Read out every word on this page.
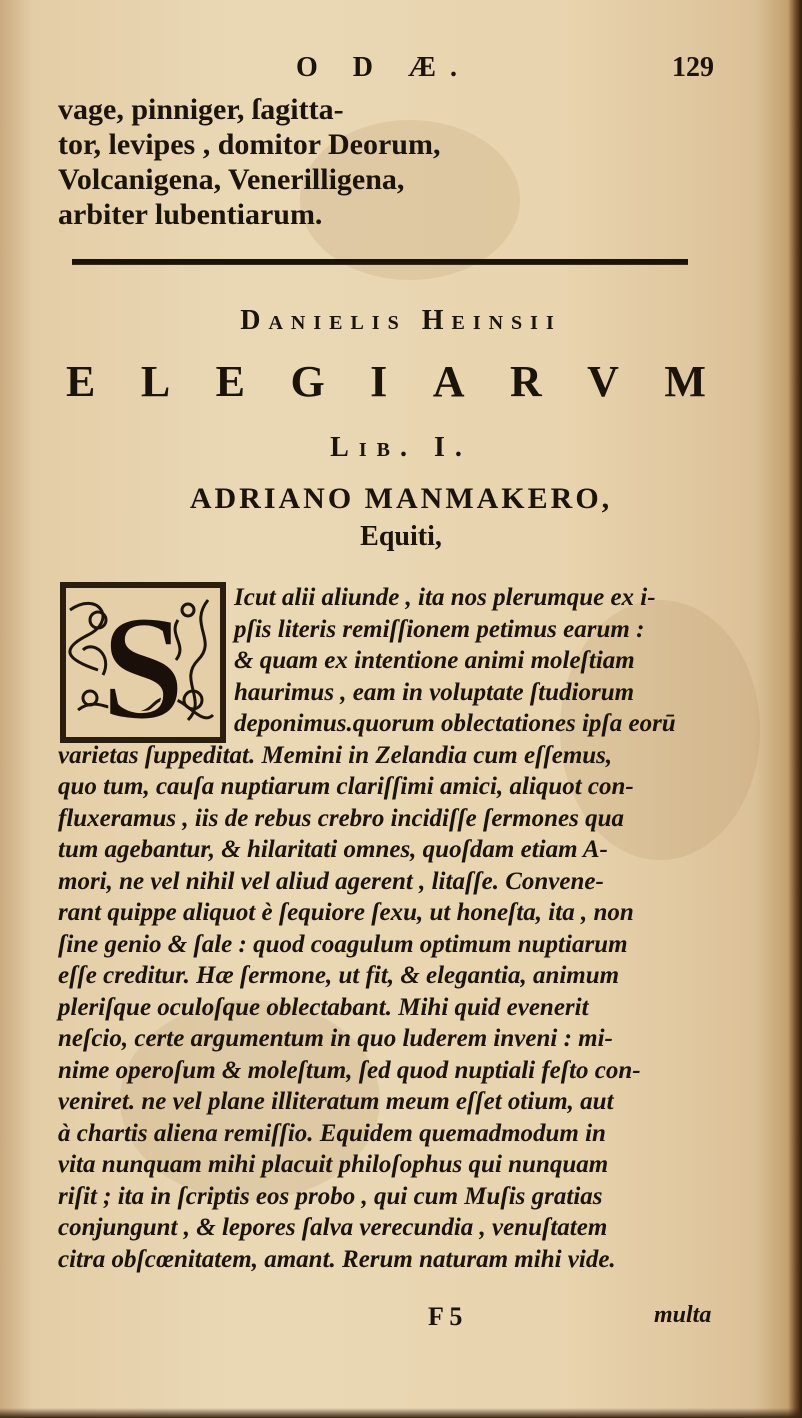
O D Æ.	129
vage, pinniger, ſagitta-
tor, levipes , domitor Deorum,
Volcanigena, Venerilligena,
arbiter lubentiarum.
Danielis Heinsii
E L E G I A R V M
Lib. I.
ADRIANO MANMAKERO,
Equiti,
S	Icut alii aliunde , ita nos plerumque ex i-
pſis literis remiſſionem petimus earum :
& quam ex intentione animi moleſtiam
haurimus , eam in voluptate ſtudiorum
deponimus.quorum oblectationes ipſa eorū
varietas ſuppeditat. Memini in Zelandia cum eſſemus,
quo tum, cauſa nuptiarum clariſſimi amici, aliquot con-
fluxeramus , iis de rebus crebro incidiſſe ſermones qua
tum agebantur, & hilaritati omnes, quoſdam etiam A-
mori, ne vel nihil vel aliud agerent , litaſſe. Convene-
rant quippe aliquot è ſequiore ſexu, ut honeſta, ita , non
ſine genio & ſale : quod coagulum optimum nuptiarum
eſſe creditur. Hæ ſermone, ut fit, & elegantia, animum
pleriſque oculoſque oblectabant. Mihi quid evenerit
neſcio, certe argumentum in quo luderem inveni : mi-
nime operoſum & moleſtum, ſed quod nuptiali feſto con-
veniret. ne vel plane illiteratum meum eſſet otium, aut
à chartis aliena remiſſio. Equidem quemadmodum in
vita nunquam mihi placuit philoſophus qui nunquam
riſit ; ita in ſcriptis eos probo , qui cum Muſis gratias
conjungunt , & lepores ſalva verecundia , venuſtatem
citra obſcœnitatem, amant. Rerum naturam mihi vide.
F 5	multa
